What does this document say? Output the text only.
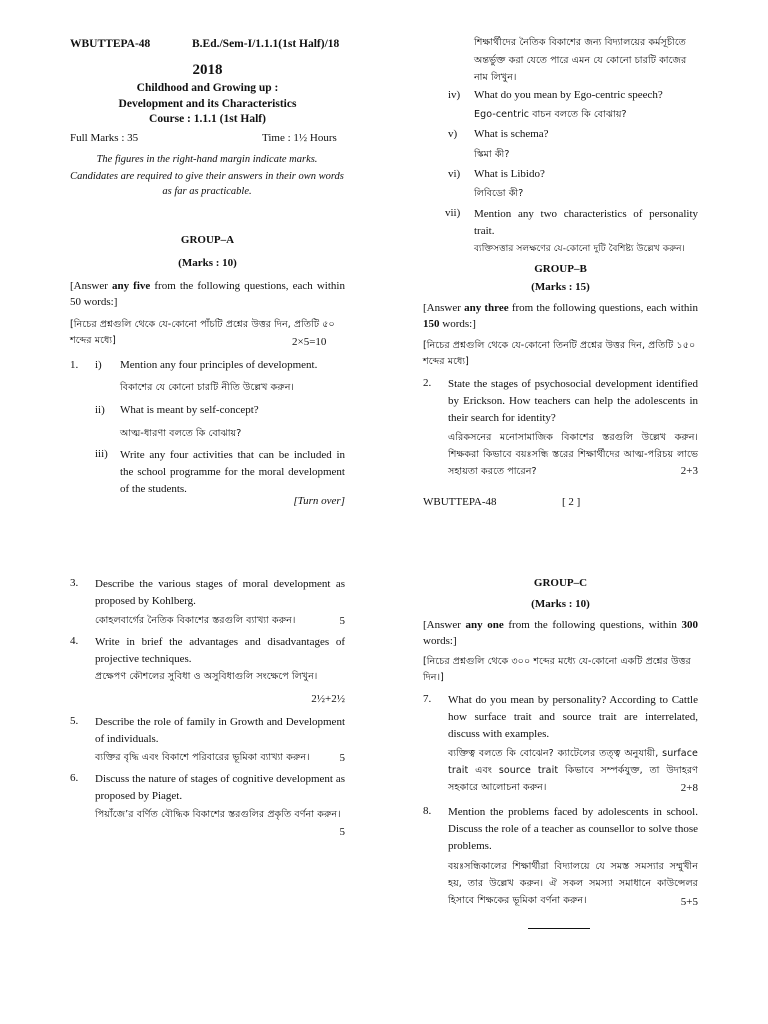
WBUTTEPA-48	B.Ed./Sem-I/1.1.1(1st Half)/18
2018
Childhood and Growing up :
Development and its Characteristics
Course : 1.1.1 (1st Half)
Full Marks : 35	Time : 1½ Hours
The figures in the right-hand margin indicate marks.
Candidates are required to give their answers in their own words as far as practicable.
GROUP–A
(Marks : 10)
[Answer any five from the following questions, each within 50 words:]
[নিচের প্রশ্নগুলি থেকে যে-কোনো পাঁচটি প্রশ্নের উত্তর দিন, প্রতিটি ৫০ শব্দের মধ্যে]	2×5=10
1. i) Mention any four principles of development.
বিকাশের যে কোনো চারটি নীতি উল্লেখ করুন।
ii) What is meant by self-concept?
আত্ম-ধারণা বলতে কি বোঝায়?
iii) Write any four activities that can be included in the school programme for the moral development of the students.
[Turn over]
শিক্ষার্থীদের নৈতিক বিকাশের জন্য বিদ্যালয়ের কর্মসূচীতে অন্তর্ভুক্ত করা যেতে পারে এমন যে কোনো চারটি কাজের নাম লিখুন।
iv) What do you mean by Ego-centric speech?
Ego-centric বাচন বলতে কি বোঝায়?
v) What is schema?
স্কিমা কী?
vi) What is Libido?
লিবিডো কী?
vii) Mention any two characteristics of personality trait.
ব্যক্তিসত্তার সলক্ষণের যে-কোনো দুটি বৈশিষ্ট্য উল্লেখ করুন।
GROUP–B
(Marks : 15)
[Answer any three from the following questions, each within 150 words:]
[নিচের প্রশ্নগুলি থেকে যে-কোনো তিনটি প্রশ্নের উত্তর দিন, প্রতিটি ১৫০ শব্দের মধ্যে]
2. State the stages of psychosocial development identified by Erickson. How teachers can help the adolescents in their search for identity?
এরিকসনের মনোসামাজিক বিকাশের স্তরগুলি উল্লেখ করুন। শিক্ষকরা কিভাবে বয়ঃসন্ধি স্তরের শিক্ষার্থীদের আত্ম-পরিচয় লাভে সহায়তা করতে পারেন?	2+3
WBUTTEPA-48	[ 2 ]
3. Describe the various stages of moral development as proposed by Kohlberg.
কোহলবার্গের নৈতিক বিকাশের স্তরগুলি ব্যাখ্যা করুন।	5
4. Write in brief the advantages and disadvantages of projective techniques.
প্রক্ষেপণ কৌশলের সুবিধা ও অসুবিধাগুলি সংক্ষেপে লিখুন।
2½+2½
5. Describe the role of family in Growth and Development of individuals.
ব্যক্তির বৃদ্ধি এবং বিকাশে পরিবারের ভূমিকা ব্যাখ্যা করুন।	5
6. Discuss the nature of stages of cognitive development as proposed by Piaget.
পিয়াঁজে’র বর্ণিত বৌদ্ধিক বিকাশের স্তরগুলির প্রকৃতি বর্ণনা করুন।
5
GROUP–C
(Marks : 10)
[Answer any one from the following questions, within 300 words:]
[নিচের প্রশ্নগুলি থেকে ৩০০ শব্দের মধ্যে যে-কোনো একটি প্রশ্নের উত্তর দিন।]
7. What do you mean by personality? According to Cattle how surface trait and source trait are interrelated, discuss with examples.
ব্যক্তিত্ব বলতে কি বোঝেন? ক্যাটেলের তত্ত্ব অনুযায়ী, surface trait এবং source trait কিভাবে সম্পর্কযুক্ত, তা উদাহরণ সহকারে আলোচনা করুন।	2+8
8. Mention the problems faced by adolescents in school. Discuss the role of a teacher as counsellor to solve those problems.
বয়ঃসন্ধিকালের শিক্ষার্থীরা বিদ্যালয়ে যে সমস্ত সমস্যার সম্মুখীন হয়, তার উল্লেখ করুন। ঐ সকল সমস্যা সমাধানে কাউন্সেলর হিসাবে শিক্ষকের ভূমিকা বর্ণনা করুন।	5+5
